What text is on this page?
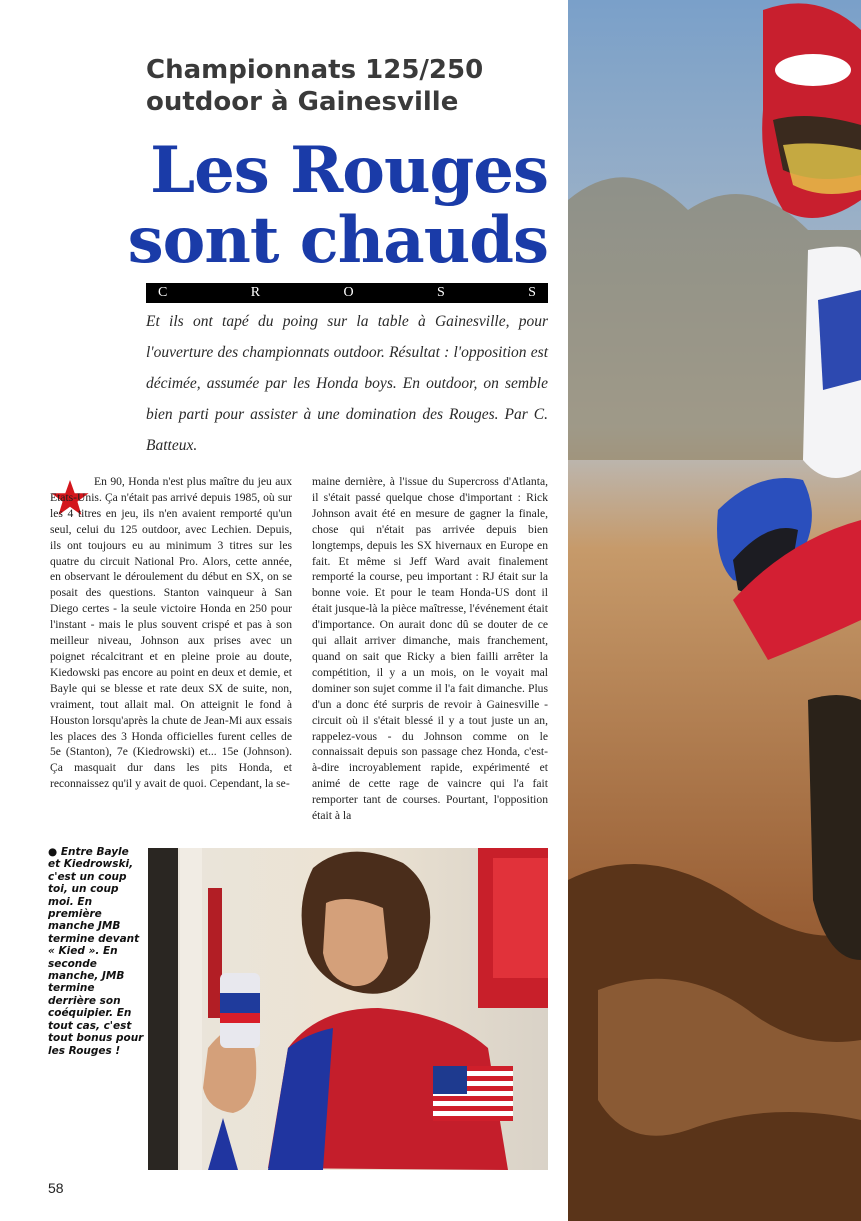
Championnats 125/250
outdoor à Gainesville
Les Rouges
sont chauds
C	R	O	S	S

Et ils ont tapé du poing sur la table à Gainesville, pour l'ouverture des championnats outdoor. Résultat : l'opposition est décimée, assumée par les Honda boys. En outdoor, on semble bien parti pour assister à une domination des Rouges. Par C. Batteux.

En 90, Honda n'est plus maître du jeu aux Etats-Unis. Ça n'était pas arrivé depuis 1985, où sur les 4 titres en jeu, ils n'en avaient remporté qu'un seul, celui du 125 outdoor, avec Lechien. Depuis, ils ont toujours eu au minimum 3 titres sur les quatre du circuit National Pro. Alors, cette année, en observant le déroulement du début en SX, on se posait des questions. Stanton vainqueur à San Diego certes - la seule victoire Honda en 250 pour l'instant - mais le plus souvent crispé et pas à son meilleur niveau, Johnson aux prises avec un poignet récalcitrant et en pleine proie au doute, Kiedowski pas encore au point en deux et demie, et Bayle qui se blesse et rate deux SX de suite, non, vraiment, tout allait mal. On atteignit le fond à Houston lorsqu'après la chute de Jean-Mi aux essais les places des 3 Honda officielles furent celles de 5e (Stanton), 7e (Kiedrowski) et... 15e (Johnson). Ça masquait dur dans les pits Honda, et reconnaissez qu'il y avait de quoi. Cependant, la se-

maine dernière, à l'issue du Supercross d'Atlanta, il s'était passé quelque chose d'important : Rick Johnson avait été en mesure de gagner la finale, chose qui n'était pas arrivée depuis bien longtemps, depuis les SX hivernaux en Europe en fait. Et même si Jeff Ward avait finalement remporté la course, peu important : RJ était sur la bonne voie. Et pour le team Honda-US dont il était jusque-là la pièce maîtresse, l'événement était d'importance. On aurait donc dû se douter de ce qui allait arriver dimanche, mais franchement, quand on sait que Ricky a bien failli arrêter la compétition, il y a un mois, on le voyait mal dominer son sujet comme il l'a fait dimanche. Plus d'un a donc été surpris de revoir à Gainesville - circuit où il s'était blessé il y a tout juste un an, rappelez-vous - du Johnson comme on le connaissait depuis son passage chez Honda, c'est-à-dire incroyablement rapide, expérimenté et animé de cette rage de vaincre qui l'a fait remporter tant de courses. Pourtant, l'opposition était à la

● Entre Bayle et Kiedrowski, c'est un coup toi, un coup moi. En première manche JMB termine devant « Kied ». En seconde manche, JMB termine derrière son coéquipier. En tout cas, c'est tout bonus pour les Rouges !

58
